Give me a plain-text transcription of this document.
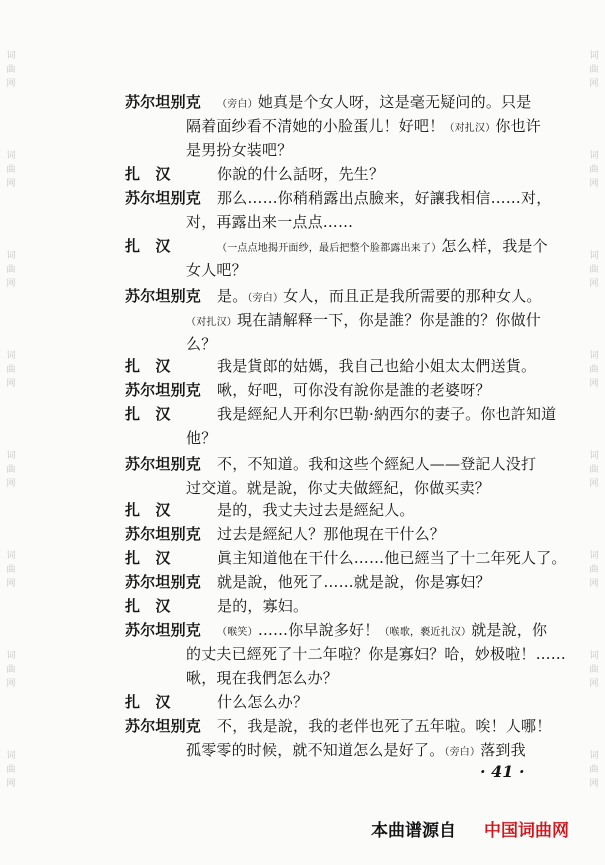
词
曲
网
词
曲
网
词
曲
网
词
曲
网
词
曲
网
词
曲
网
词
曲
网
词
曲
网
词
曲
网
词
曲
网
词
曲
网
词
曲
网
词
曲
网
词
曲
网
词
曲
网
词
曲
网
苏尔坦别克 （旁白）她真是个女人呀，这是毫无疑问的。只是
隔着面纱看不清她的小脸蛋儿！好吧！（对扎汉）你也许
是男扮女装吧？
扎　汉	你說的什么話呀，先生？
苏尔坦别克 那么……你稍稍露出点臉来，好讓我相信……对，
对，再露出来一点点……
扎　汉	（一点点地揭开面纱，最后把整个脸都露出来了）怎么样，我是个
女人吧？
苏尔坦别克 是。（旁白）女人，而且正是我所需要的那种女人。
（对扎汉）現在請解释一下，你是誰？你是誰的？你做什
么？
扎　汉	我是貨郎的姑媽，我自己也給小姐太太們送貨。
苏尔坦别克 啾，好吧，可你没有說你是誰的老婆呀？
扎　汉	我是經紀人开利尔巴勒·納西尔的妻子。你也許知道
他？
苏尔坦别克 不，不知道。我和这些个經紀人——登記人没打
过交道。就是說，你丈夫做經紀，你做买卖？
扎　汉	是的，我丈夫过去是經紀人。
苏尔坦别克 过去是經紀人？那他現在干什么？
扎　汉	眞主知道他在干什么……他已經当了十二年死人了。
苏尔坦别克 就是說，他死了……就是說，你是寡妇？
扎　汉	是的，寡妇。
苏尔坦别克 （喉笑）……你早說多好！（喉歌，褻近扎汉）就是說，你
的丈夫已經死了十二年啦？你是寡妇？哈，妙极啦！……
啾，現在我們怎么办？
扎　汉	什么怎么办？
苏尔坦别克 不，我是說，我的老伴也死了五年啦。唉！人哪！
孤零零的时候，就不知道怎么是好了。（旁白）落到我
· 41 ·
本曲谱源自 中国词曲网
